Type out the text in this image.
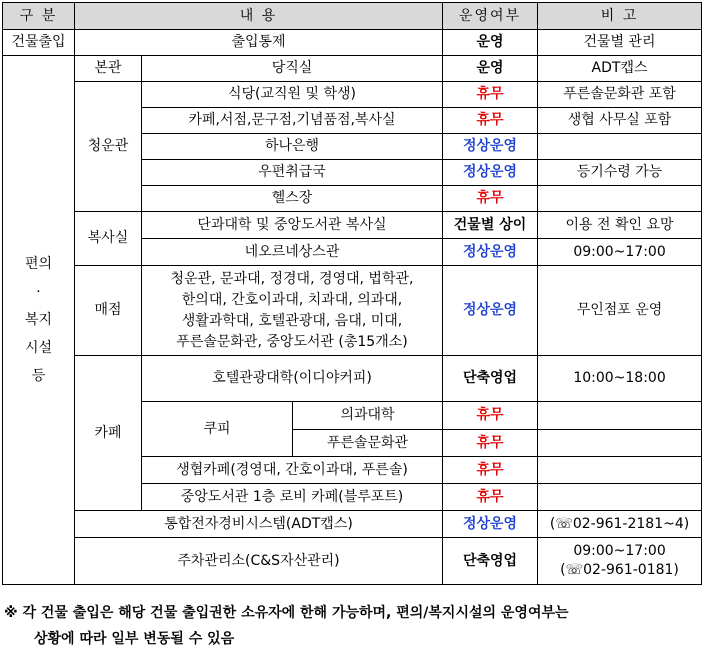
구 분	내 용			운영여부	비 고
건물출입	출입통제			운영	건물별 관리

편의
·
복지
시설
등	본관	당직실		운영	ADT캡스
	청운관	식당(교직원 및 학생)		휴무	푸른솔문화관 포함
		카페,서점,문구점,기념품점,복사실		휴무	생협 사무실 포함
		하나은행		정상운영	
		우편취급국		정상운영	등기수령 가능
		헬스장		휴무	
	복사실	단과대학 및 중앙도서관 복사실		건물별 상이	이용 전 확인 요망
		네오르네상스관		정상운영	09:00~17:00
	매점	청운관, 문과대, 정경대, 경영대, 법학관,
한의대, 간호이과대, 치과대, 의과대,
생활과학대, 호텔관광대, 음대, 미대,
푸른솔문화관, 중앙도서관 (총15개소)		정상운영	무인점포 운영
	카페	호텔관광대학(이디야커피)		단축영업	10:00~18:00
		쿠피	의과대학	휴무	
			푸른솔문화관	휴무	
		생협카페(경영대, 간호이과대, 푸른솔)		휴무	
		중앙도서관 1층 로비 카페(블루포트)		휴무	
	통합전자경비시스템(ADT캡스)			정상운영	(☏02-961-2181~4)
	주차관리소(C&S자산관리)			단축영업	09:00~17:00
(☏02-961-0181)
※ 각 건물 출입은 해당 건물 출입권한 소유자에 한해 가능하며, 편의/복지시설의 운영여부는
상황에 따라 일부 변동될 수 있음
